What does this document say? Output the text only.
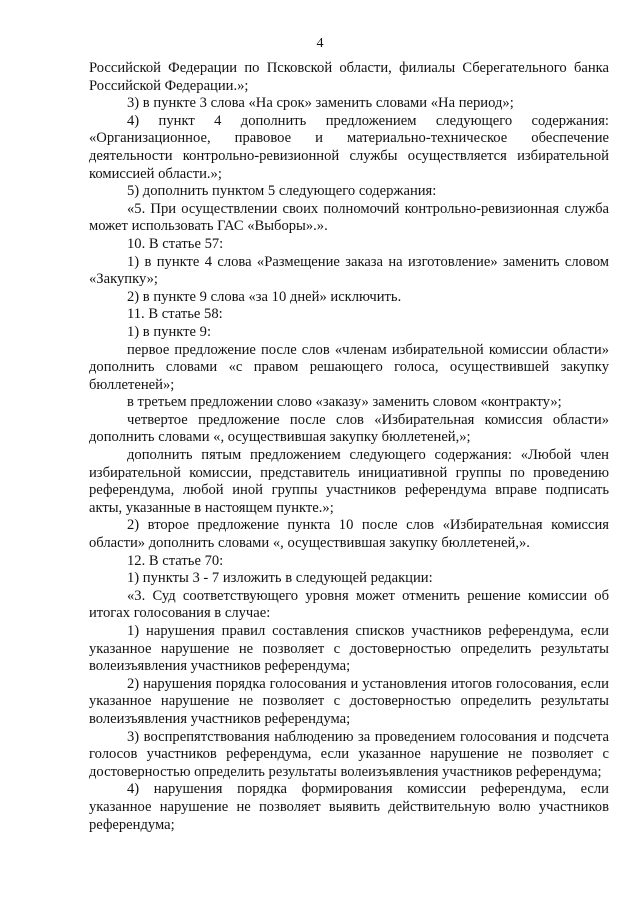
4

Российской Федерации по Псковской области, филиалы Сберегательного банка Российской Федерации.»;

3) в пункте 3 слова «На срок» заменить словами «На период»;

4) пункт 4 дополнить предложением следующего содержания: «Организационное, правовое и материально-техническое обеспечение деятельности контрольно-ревизионной службы осуществляется избирательной комиссией области.»;

5) дополнить пунктом 5 следующего содержания:

«5. При осуществлении своих полномочий контрольно-ревизионная служба может использовать ГАС «Выборы».».

10. В статье 57:

1) в пункте 4 слова «Размещение заказа на изготовление» заменить словом «Закупку»;

2) в пункте 9 слова «за 10 дней» исключить.

11. В статье 58:

1) в пункте 9:

первое предложение после слов «членам избирательной комиссии области» дополнить словами «с правом решающего голоса, осуществившей закупку бюллетеней»;

в третьем предложении слово «заказу» заменить словом «контракту»;

четвертое предложение после слов «Избирательная комиссия области» дополнить словами «, осуществившая закупку бюллетеней,»;

дополнить пятым предложением следующего содержания: «Любой член избирательной комиссии, представитель инициативной группы по проведению референдума, любой иной группы участников референдума вправе подписать акты, указанные в настоящем пункте.»;

2) второе предложение пункта 10 после слов «Избирательная комиссия области» дополнить словами «, осуществившая закупку бюллетеней,».

12. В статье 70:

1) пункты 3 - 7 изложить в следующей редакции:

«3. Суд соответствующего уровня может отменить решение комиссии об итогах голосования в случае:

1) нарушения правил составления списков участников референдума, если указанное нарушение не позволяет с достоверностью определить результаты волеизъявления участников референдума;

2) нарушения порядка голосования и установления итогов голосования, если указанное нарушение не позволяет с достоверностью определить результаты волеизъявления участников референдума;

3) воспрепятствования наблюдению за проведением голосования и подсчета голосов участников референдума, если указанное нарушение не позволяет с достоверностью определить результаты волеизъявления участников референдума;

4) нарушения порядка формирования комиссии референдума, если указанное нарушение не позволяет выявить действительную волю участников референдума;
